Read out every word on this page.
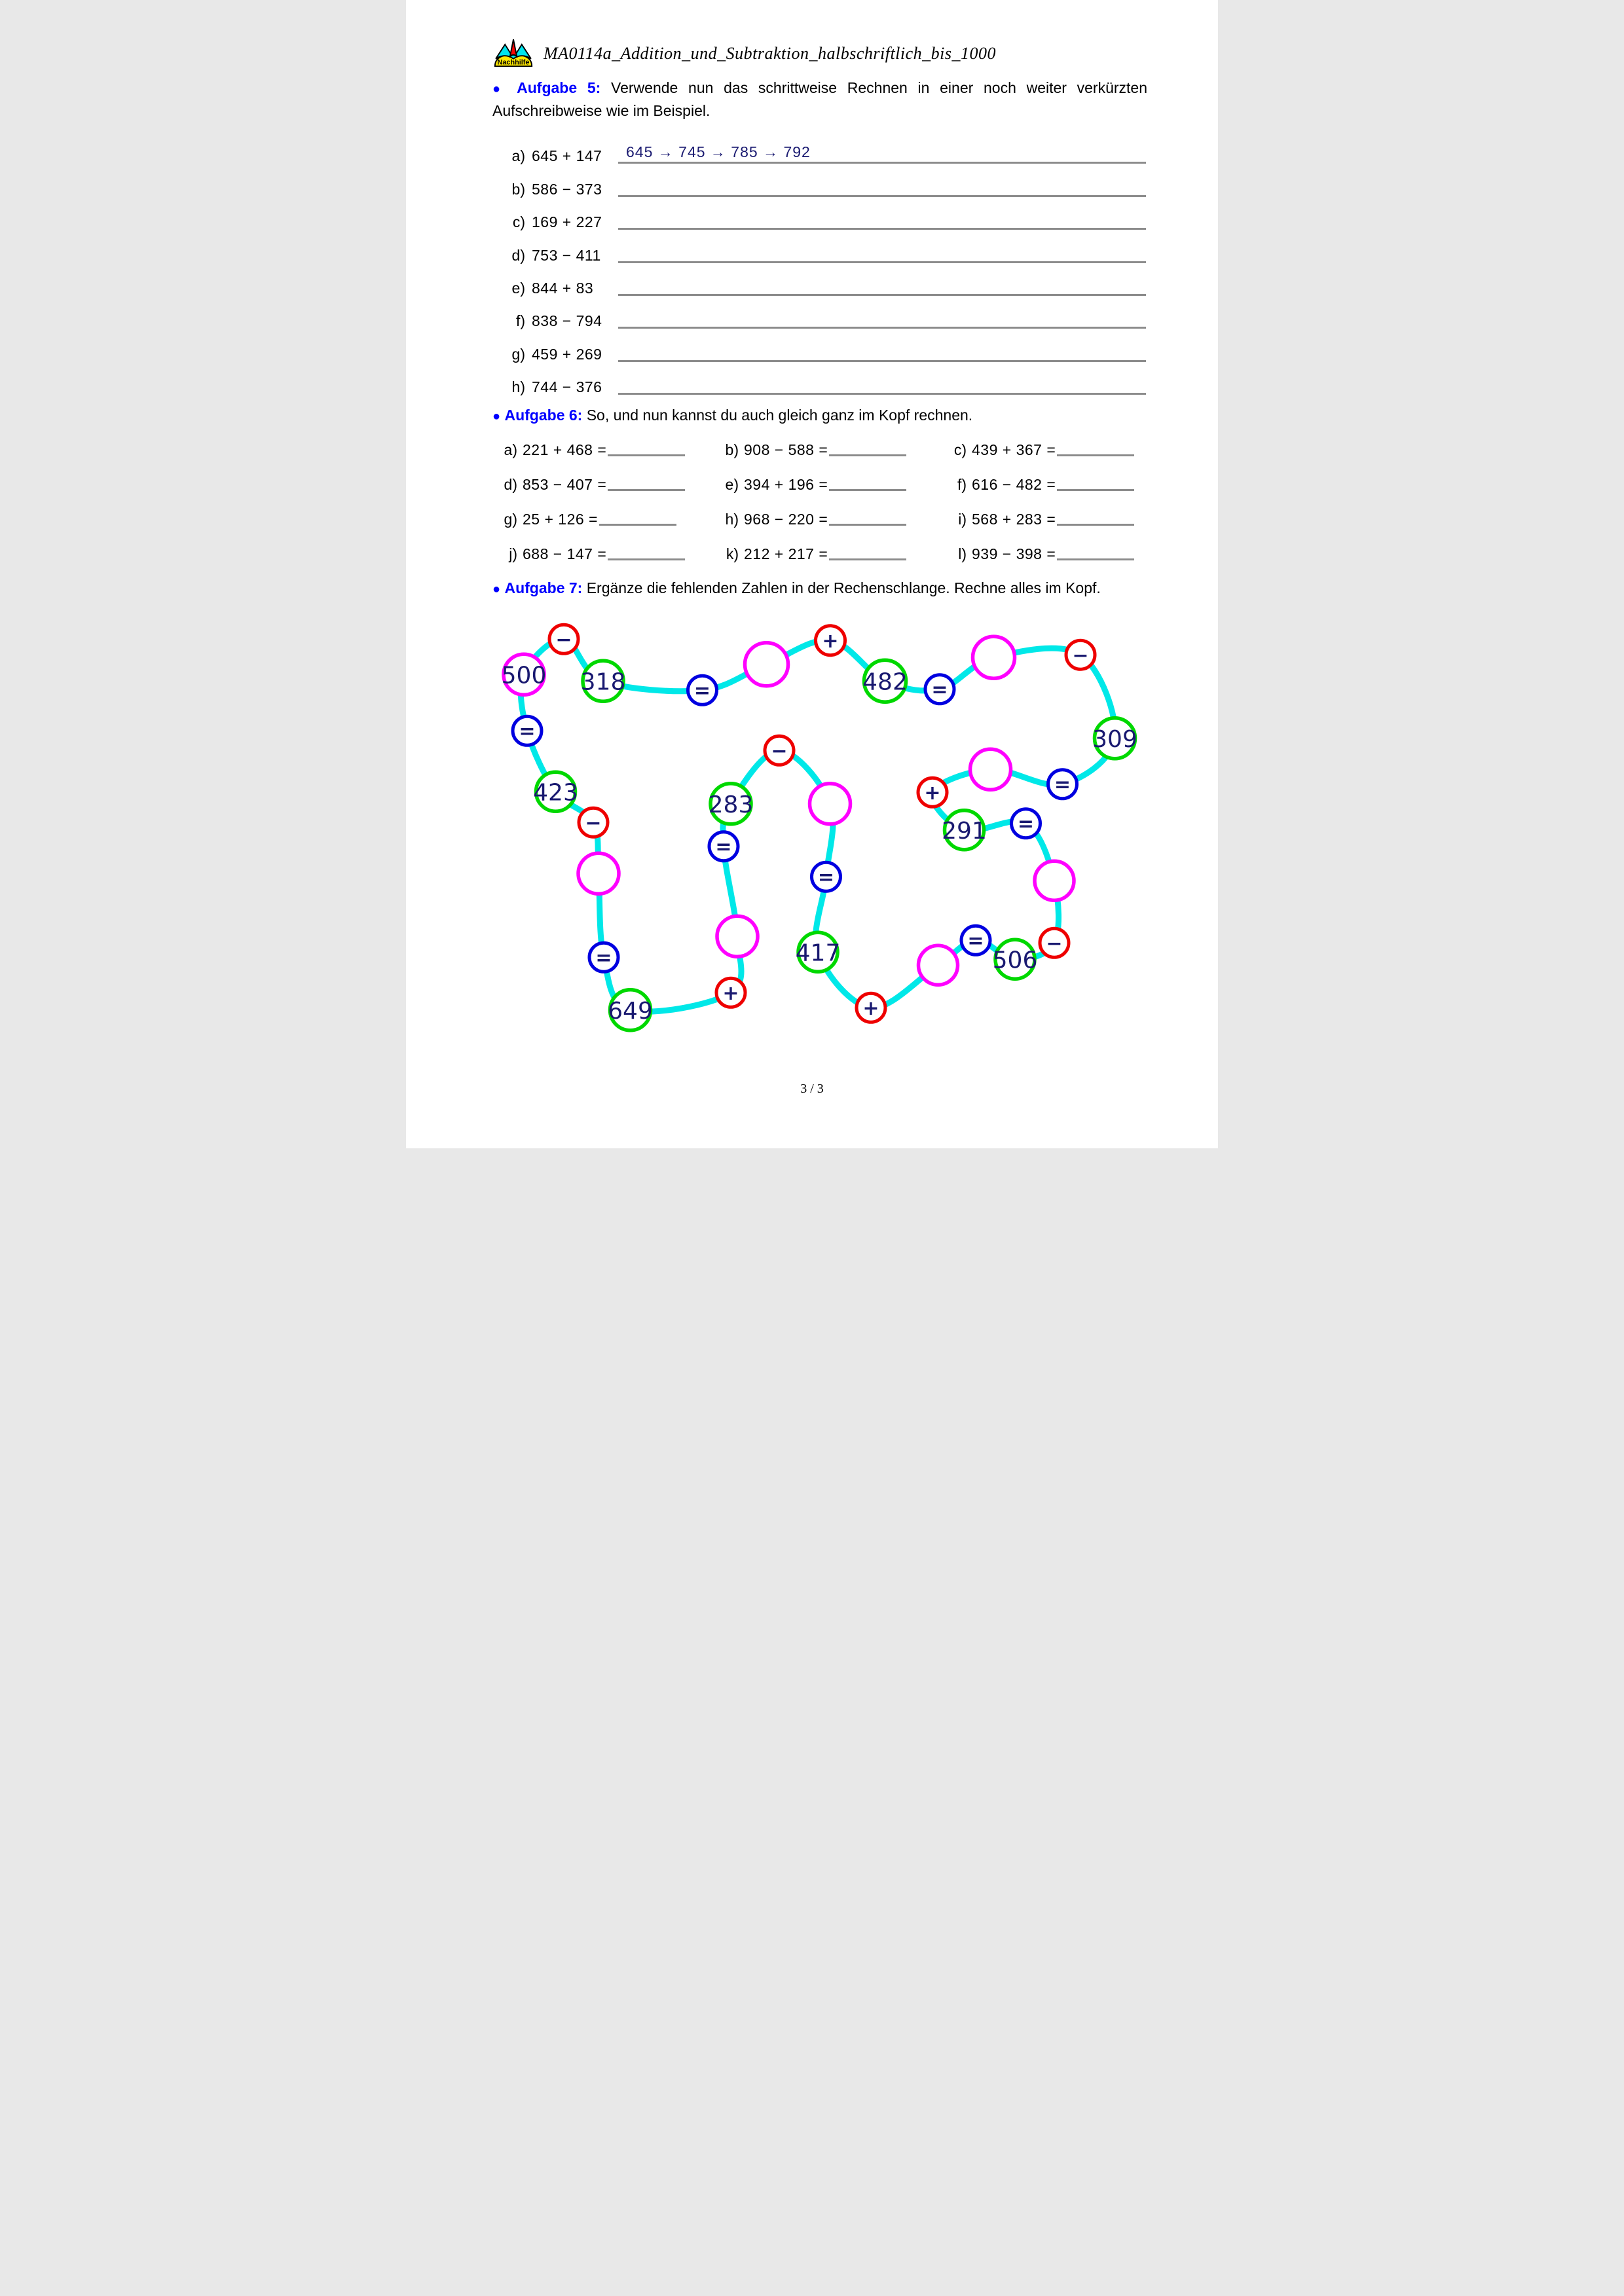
Nachhilfe MA0114a_Addition_und_Subtraktion_halbschriftlich_bis_1000
● Aufgabe 5: Verwende nun das schrittweise Rechnen in einer noch weiter verkürzten Aufschreibweise wie im Beispiel.
a) 645 + 147	645 → 745 → 785 → 792
b) 586 − 373
c) 169 + 227
d) 753 − 411
e) 844 + 83
f) 838 − 794
g) 459 + 269
h) 744 − 376
● Aufgabe 6: So, und nun kannst du auch gleich ganz im Kopf rechnen.
a) 221 + 468 =	b) 908 − 588 =	c) 439 + 367 =
d) 853 − 407 =	e) 394 + 196 =	f) 616 − 482 =
g) 25 + 126 =	h) 968 − 220 =	i) 568 + 283 =
j) 688 − 147 =	k) 212 + 217 =	l) 939 − 398 =
● Aufgabe 7: Ergänze die fehlenden Zahlen in der Rechenschlange. Rechne alles im Kopf.
500
−
318 =
+
482 =
−
309
=
+
291 =
−
506
=
+
417
=
−
283
=
+
649
=
−
423
=
3 / 3
